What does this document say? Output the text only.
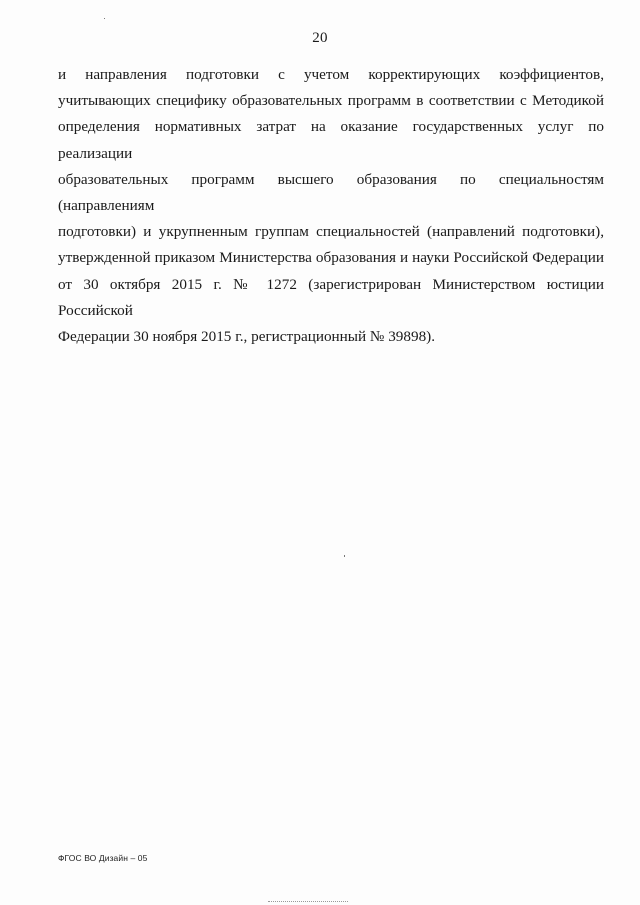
20
и направления подготовки с учетом корректирующих коэффициентов,
учитывающих специфику образовательных программ в соответствии с Методикой
определения нормативных затрат на оказание государственных услуг по реализации
образовательных программ высшего образования по специальностям (направлениям
подготовки) и укрупненным группам специальностей (направлений подготовки),
утвержденной приказом Министерства образования и науки Российской Федерации
от 30 октября 2015 г. № 1272 (зарегистрирован Министерством юстиции Российской
Федерации 30 ноября 2015 г., регистрационный № 39898).
ФГОС ВО Дизайн – 05
